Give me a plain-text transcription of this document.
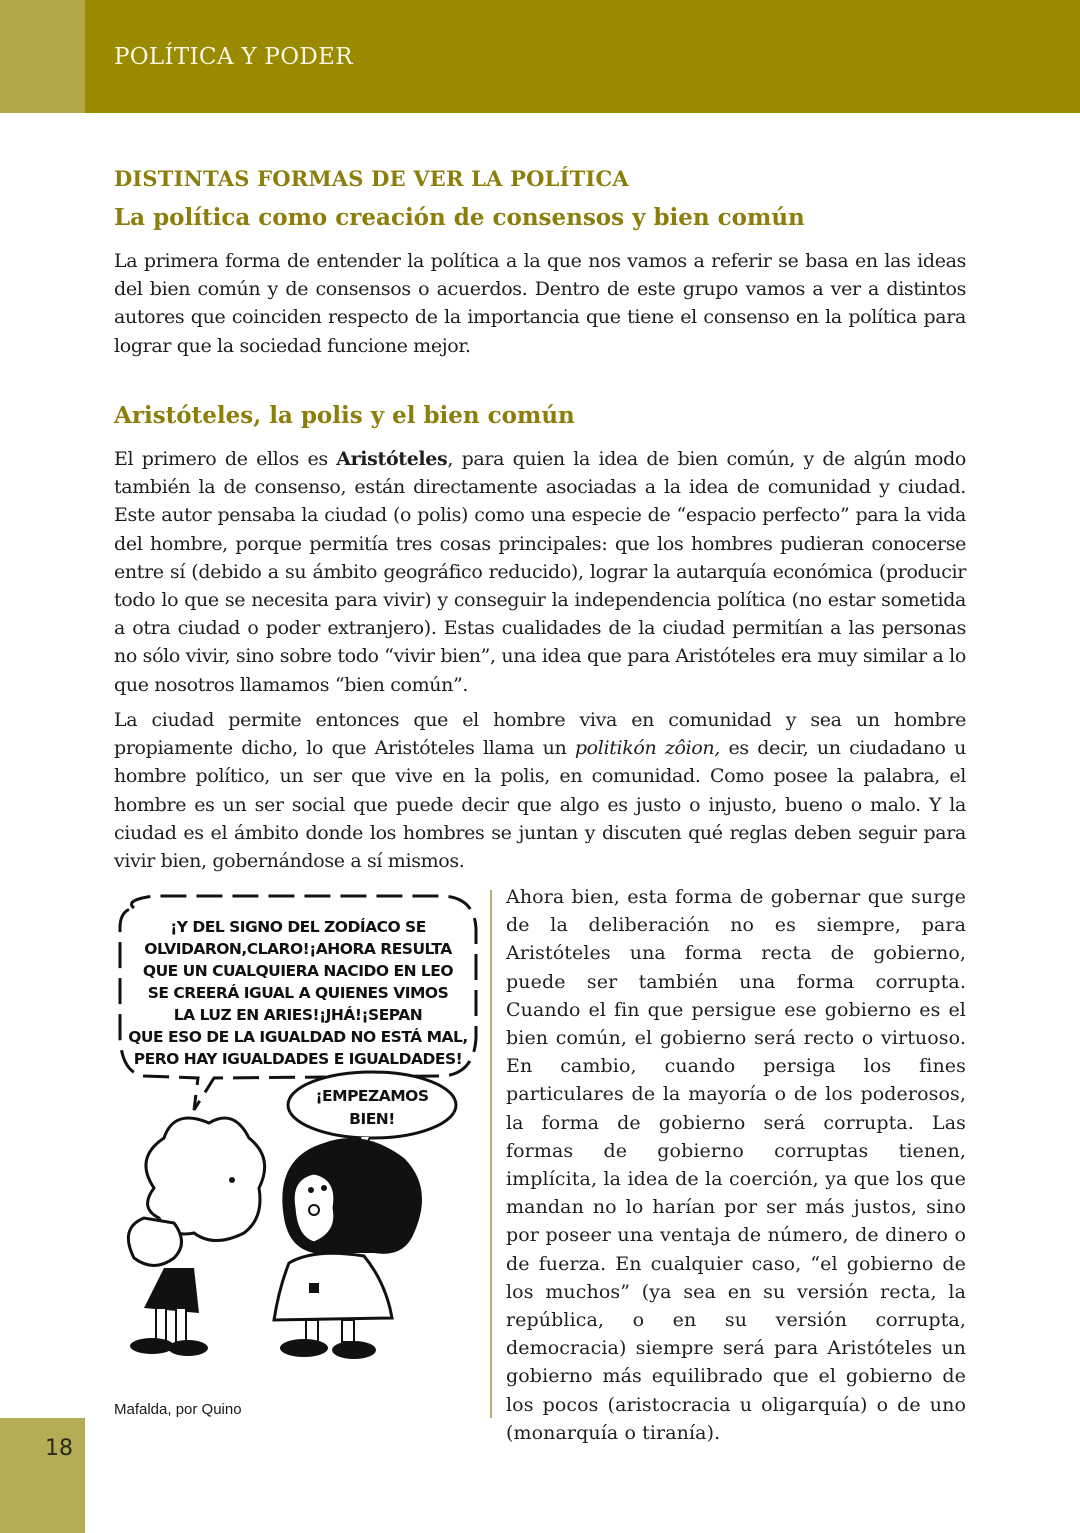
POLÍTICA Y PODER
DISTINTAS FORMAS DE VER LA POLÍTICA
La política como creación de consensos y bien común

La primera forma de entender la política a la que nos vamos a referir se basa en las ideas del bien común y de consensos o acuerdos. Dentro de este grupo vamos a ver a distintos autores que coinciden respecto de la importancia que tiene el consenso en la política para lograr que la sociedad funcione mejor.

Aristóteles, la polis y el bien común

El primero de ellos es Aristóteles, para quien la idea de bien común, y de algún modo también la de consenso, están directamente asociadas a la idea de comunidad y ciudad. Este autor pensaba la ciudad (o polis) como una especie de “espacio perfecto” para la vida del hombre, porque permitía tres cosas principales: que los hombres pudieran conocerse entre sí (debido a su ámbito geográfico reducido), lograr la autarquía económica (producir todo lo que se necesita para vivir) y conseguir la independencia política (no estar sometida a otra ciudad o poder extranjero). Estas cualidades de la ciudad permitían a las personas no sólo vivir, sino sobre todo “vivir bien”, una idea que para Aristóteles era muy similar a lo que nosotros llamamos “bien común”.

La ciudad permite entonces que el hombre viva en comunidad y sea un hombre propiamente dicho, lo que Aristóteles llama un politikón zôion, es decir, un ciudadano u hombre político, un ser que vive en la polis, en comunidad. Como posee la palabra, el hombre es un ser social que puede decir que algo es justo o injusto, bueno o malo. Y la ciudad es el ámbito donde los hombres se juntan y discuten qué reglas deben seguir para vivir bien, gobernándose a sí mismos.

¡Y DEL SIGNO DEL ZODÍACO SE
OLVIDARON,CLARO!¡AHORA RESULTA
QUE UN CUALQUIERA NACIDO EN LEO
SE CREERÁ IGUAL A QUIENES VIMOS
LA LUZ EN ARIES!¡JHÁ!¡SEPAN
QUE ESO DE LA IGUALDAD NO ESTÁ MAL,
PERO HAY IGUALDADES E IGUALDADES!
¡EMPEZAMOS
BIEN!
Mafalda, por Quino

Ahora bien, esta forma de gobernar que surge de la deliberación no es siempre, para Aristóteles una forma recta de gobierno, puede ser también una forma corrupta. Cuando el fin que persigue ese gobierno es el bien común, el gobierno será recto o virtuoso. En cambio, cuando persiga los fines particulares de la mayoría o de los poderosos, la forma de gobierno será corrupta. Las formas de gobierno corruptas tienen, implícita, la idea de la coerción, ya que los que mandan no lo harían por ser más justos, sino por poseer una ventaja de número, de dinero o de fuerza. En cualquier caso, “el gobierno de los muchos” (ya sea en su versión recta, la república, o en su versión corrupta, democracia) siempre será para Aristóteles un gobierno más equilibrado que el gobierno de los pocos (aristocracia u oligarquía) o de uno (monarquía o tiranía).

18
